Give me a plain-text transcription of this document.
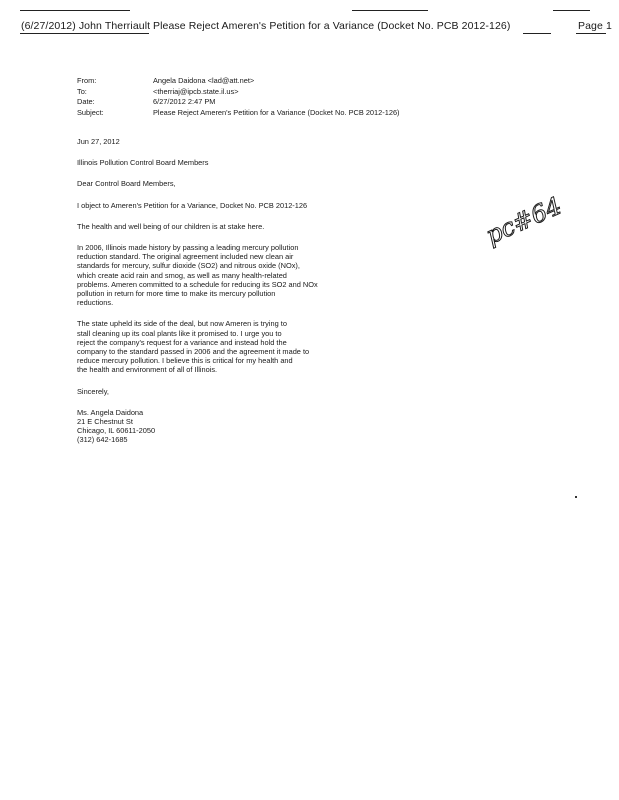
(6/27/2012) John Therriault Please Reject Ameren's Petition for a Variance (Docket No. PCB 2012-126)	Page 1
From:	Angela Daidona <lad@att.net>
To:	<therriaj@ipcb.state.il.us>
Date:	6/27/2012 2:47 PM
Subject:	Please Reject Ameren's Petition for a Variance (Docket No. PCB 2012-126)

Jun 27, 2012

Illinois Pollution Control Board Members

Dear Control Board Members,

I object to Ameren's Petition for a Variance, Docket No. PCB 2012-126

The health and well being of our children is at stake here.

In 2006, Illinois made history by passing a leading mercury pollution
reduction standard. The original agreement included new clean air
standards for mercury, sulfur dioxide (SO2) and nitrous oxide (NOx),
which create acid rain and smog, as well as many health-related
problems. Ameren committed to a schedule for reducing its SO2 and NOx
pollution in return for more time to make its mercury pollution
reductions.

The state upheld its side of the deal, but now Ameren is trying to
stall cleaning up its coal plants like it promised to. I urge you to
reject the company's request for a variance and instead hold the
company to the standard passed in 2006 and the agreement it made to
reduce mercury pollution. I believe this is critical for my health and
the health and environment of all of Illinois.

Sincerely,

Ms. Angela Daidona
21 E Chestnut St
Chicago, IL 60611-2050
(312) 642-1685

pc#64
